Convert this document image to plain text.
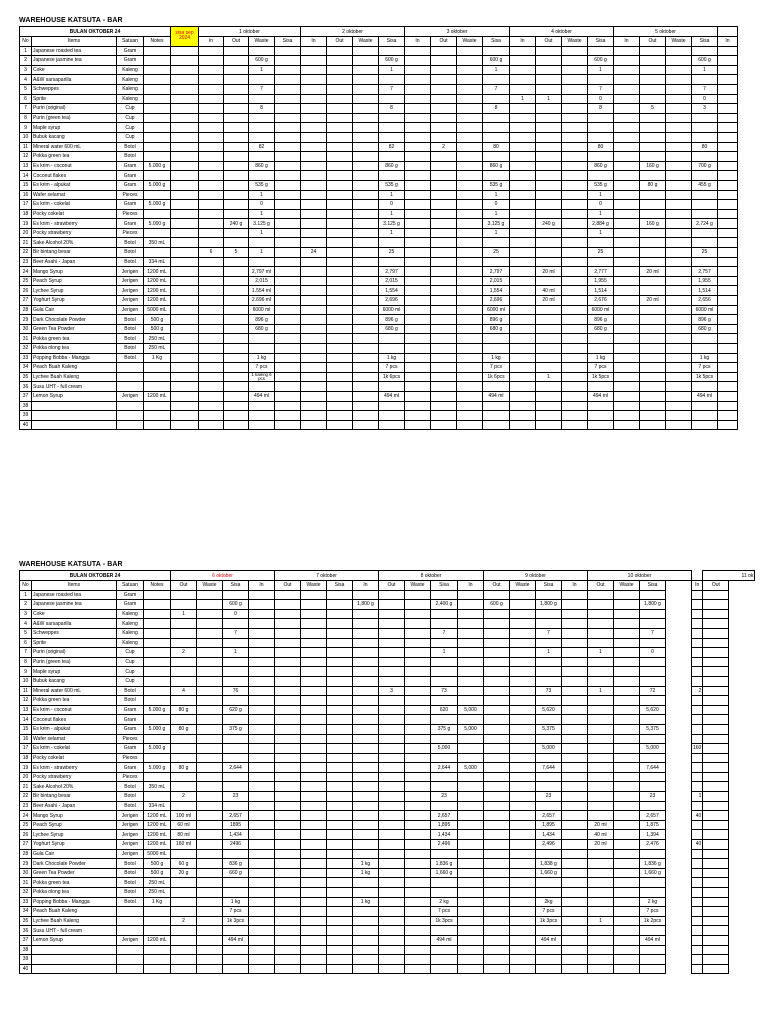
WAREHOUSE KATSUTA - BAR
BULAN OKTOBER 24				sisa sep 2024	1 oktober				2 oktober				3 oktober				4 oktober				5 oktober				
No	Items	Satuan	Notes		In	Out	Waste	Sisa	In	Out	Waste	Sisa	In	Out	Waste	Sisa	In	Out	Waste	Sisa	In	Out	Waste	Sisa	In
1	Japanese roasted tea	Gram																							
2	Japanese jasmine tea	Gram					600 g					600 g				600 g				600 g				600 g	
3	Coke	Kaleng					1					1				1				1				1	
4	A&W sarsaparilla	Kaleng																							
5	Schweppes	Kaleng					7					7				7				7				7	
6	Sprite	Kaleng															1	1		0				0	
7	Purin (original)	Cup					8					8				8				8		5		3	
8	Purin (green tea)	Cup																							
9	Maple syrup	Cup																							
10	Bubuk kacang	Cup																							
11	Mineral water 600 mL	Botol					82					82		2		80				80				80	
12	Pokka green tea	Botol																							
13	Es krim - coconut	Gram	5.000 g				860 g					860 g				860 g				860 g		160 g		700 g	
14	Coconut flakes	Gram																							
15	Es krim - alpukat	Gram	5.000 g				535 g					535 g				535 g				535 g		80 g		455 g	
16	Wafer selamat	Pieces					1					1				1				1					
17	Es krim - cokelat	Gram	5.000 g				0					0				0				0					
18	Pocky cokelat	Pieces					1					1				1				1					
19	Es krim - strawberry	Gram	5.000 g			240 g	3.125 g					3.125 g				3,125 g		240 g		2,884 g		160 g		2,724 g	
20	Pocky strawberry	Pieces					1					1				1				1					
21	Sake Alcohol 20%	Botol	350 mL																						
22	Bir bintang besar	Botol			6	5	1		24			25				25				25				25	
23	Beer Asahi - Japan	Botol	334 mL																						
24	Mango Syrup	Jerigen	1200 mL				2,797 ml					2,797				2,797		20 ml		2,777		20 ml		2,757	
25	Peach Syrup	Jerigen	1200 mL				2,015					2,015				2,015				1,955				1,955	
26	Lychee Syrup	Jerigen	1200 mL				1.554 ml					1,554				1,554		40 ml		1,514				1,514	
27	Yoghurt Syrup	Jerigen	1200 mL				2.696 ml					2,696				2,696		20 ml		2,676		20 ml		2,656	
28	Gula Cair	Jerigen	5000 mL				6000 ml					6000 ml				6000 ml				6000 ml				6000 ml	
29	Dark Chocolate Powder	Botol	500 g				896 g					896 g				896 g				896 g				896 g	
30	Green Tea Powder	Botol	500 g				680 g					680 g				680 g				680 g				680 g	
31	Pokka green tea	Botol	250 mL																						
32	Pokka olong tea	Botol	250 mL																						
33	Popping Bobba - Mangga	Botol	1 Kg				1 kg					1 kg				1 kg				1 kg				1 kg	
34	Peach Buah Kaleng						7 pcs					7 pcs				7 pcs				7 pcs				7 pcs	
35	Lychee Buah Kaleng						1 kaleng 6 pcs					1k 6pcs				1k 6pcs		1		1k 5pcs				1k 5pcs	
36	Susu UHT - full cream																								
37	Lemon Syrup	Jerigen	1200 mL				494 ml					494 ml				494 ml				494 ml				494 ml	
38																									
39																									
40																									
WAREHOUSE KATSUTA - BAR
BULAN OKTOBER 24				6 oktober				7 oktober				8 oktober				9 oktober				10 oktober					11 ok
No	Items	Satuan	Notes	Out	Waste	Sisa	In	Out	Waste	Sisa	In	Out	Waste	Sisa	In	Out	Waste	Sisa	In	Out	Waste	Sisa		In	Out
1	Japanese roasted tea	Gram																							
2	Japanese jasmine tea	Gram				600 g					1,800 g			2,400 g		600 g		1,800 g				1,800 g			
3	Coke	Kaleng		1		0																			
4	A&W sarsaparilla	Kaleng																							
5	Schweppes	Kaleng				7								7				7				7			
6	Sprite	Kaleng																							
7	Purin (original)	Cup		2		1								1				1		1		0			
8	Purin (green tea)	Cup																							
9	Maple syrup	Cup																							
10	Bubuk kacang	Cup																							
11	Mineral water 600 mL	Botol		4		76						3		73				73		1		72		2	
12	Pokka green tea	Botol																							
13	Es krim - coconut	Gram	5.000 g	80 g		620 g								620	5,000			5,620				5,620			
14	Coconut flakes	Gram																							
15	Es krim - alpukat	Gram	5.000 g	80 g		375 g								375 g	5,000			5,375				5,375			
16	Wafer selamat	Pieces																							
17	Es krim - cokelat	Gram	5.000 g											5,000				5,000				5,000		160	
18	Pocky cokelat	Pieces																							
19	Es krim - strawberry	Gram	5.000 g	80 g		2,644								2,644	5,000			7,644				7,644			
20	Pocky strawberry	Pieces																							
21	Sake Alcohol 20%	Botol	350 mL																						
22	Bir bintang besar	Botol		2		23								23				23				23		1	
23	Beer Asahi - Japan	Botol	334 mL																						
24	Mango Syrup	Jerigen	1200 mL	100 ml		2,657								2,657				2,657				2,657		40	
25	Peach Syrup	Jerigen	1200 mL	60 ml		1895								1,895				1,895		20 ml		1,875			
26	Lychee Syrup	Jerigen	1200 mL	80 ml		1,434								1,434				1,434		40 ml		1,394			
27	Yoghurt Syrup	Jerigen	1200 mL	160 ml		2496								2,496				2,496		20 ml		2,476		40	
28	Gula Cair	Jerigen	5000 mL																						
29	Dark Chocolate Powder	Botol	500 g	60 g		836 g					1 kg			1,836 g				1,838 g				1,836 g			
30	Green Tea Powder	Botol	500 g	20 g		660 g					1 kg			1,660 g				1,660 g				1,660 g			
31	Pokka green tea	Botol	250 mL																						
32	Pokka olong tea	Botol	250 mL																						
33	Popping Bobba - Mangga	Botol	1 Kg			1 kg					1 kg			2 kg				2kg				2 kg			
34	Peach Buah Kaleng					7 pcs								7 pcs				7 pcs				7 pcs			
35	Lychee Buah Kaleng			2		1k 3pcs								1k 3pcs				1k 3pcs		1		1k 2pcs			
36	Susu UHT - full cream																								
37	Lemon Syrup	Jerigen	1200 mL			494 ml								494 ml				494 ml				494 ml			
38																									
39																									
40																									
